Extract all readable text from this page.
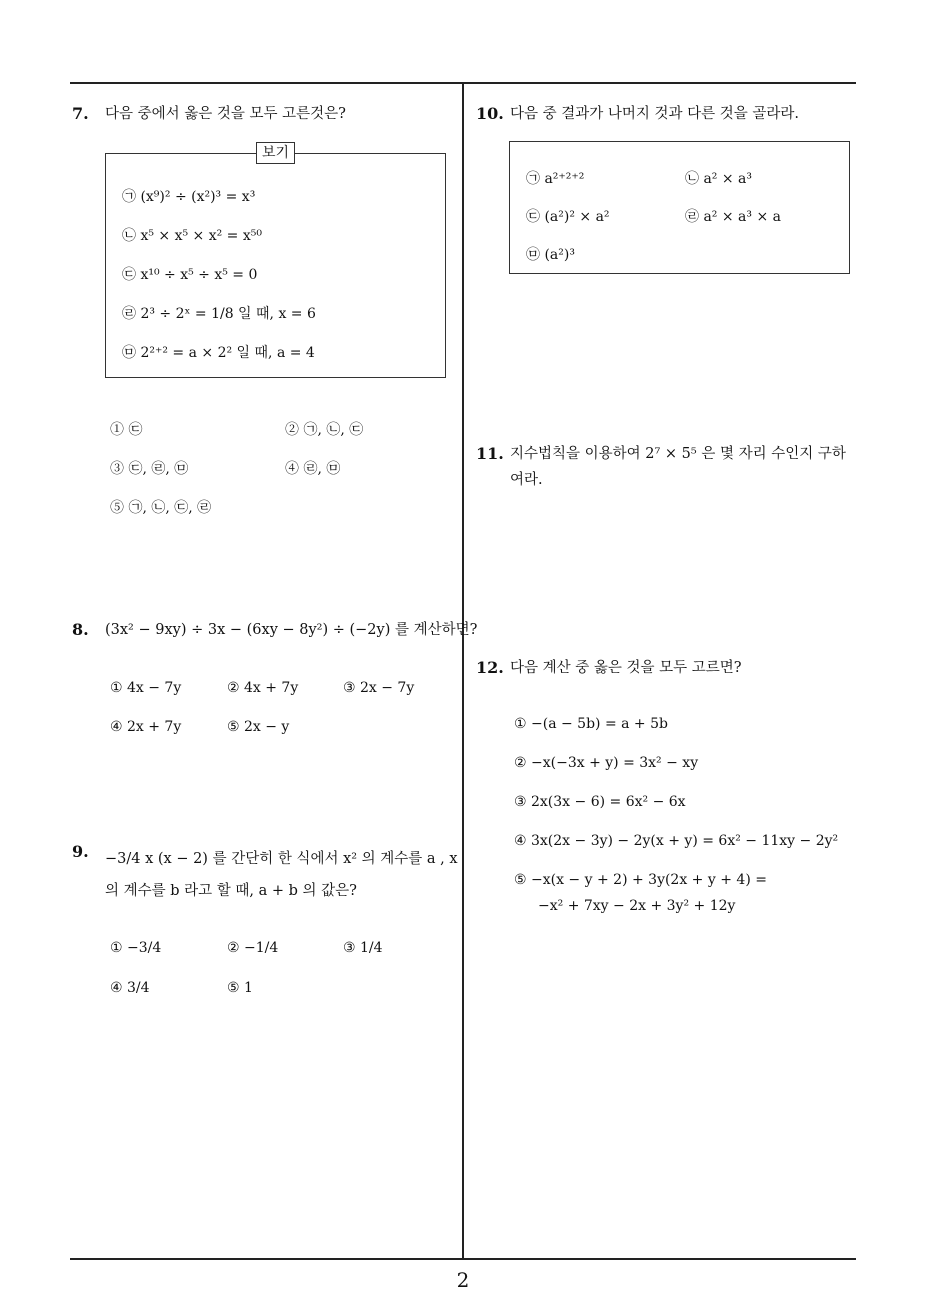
7. 다음 중에서 옳은 것을 모두 고른것은?
보기
㉠ (x⁹)² ÷ (x²)³ = x³
㉡ x⁵ × x⁵ × x² = x⁵⁰
㉢ x¹⁰ ÷ x⁵ ÷ x⁵ = 0
㉣ 2³ ÷ 2ˣ = 1/8 일 때, x = 6
㉤ 2²⁺² = a × 2² 일 때, a = 4
① ㉢	② ㉠, ㉡, ㉢
③ ㉢, ㉣, ㉤	④ ㉣, ㉤
⑤ ㉠, ㉡, ㉢, ㉣
8. (3x² − 9xy) ÷ 3x − (6xy − 8y²) ÷ (−2y) 를 계산하면?
① 4x − 7y	② 4x + 7y	③ 2x − 7y
④ 2x + 7y	⑤ 2x − y
9. −3/4 x (x − 2) 를 간단히 한 식에서 x² 의 계수를 a , x
의 계수를 b 라고 할 때, a + b 의 값은?
① −3/4	② −1/4	③ 1/4
④ 3/4	⑤ 1
10. 다음 중 결과가 나머지 것과 다른 것을 골라라.
㉠ a²⁺²⁺²	㉡ a² × a³
㉢ (a²)² × a²	㉣ a² × a³ × a
㉤ (a²)³
11. 지수법칙을 이용하여 2⁷ × 5⁵ 은 몇 자리 수인지 구하
여라.
12. 다음 계산 중 옳은 것을 모두 고르면?
① −(a − 5b) = a + 5b
② −x(−3x + y) = 3x² − xy
③ 2x(3x − 6) = 6x² − 6x
④ 3x(2x − 3y) − 2y(x + y) = 6x² − 11xy − 2y²
⑤ −x(x − y + 2) + 3y(2x + y + 4) =
−x² + 7xy − 2x + 3y² + 12y
2
